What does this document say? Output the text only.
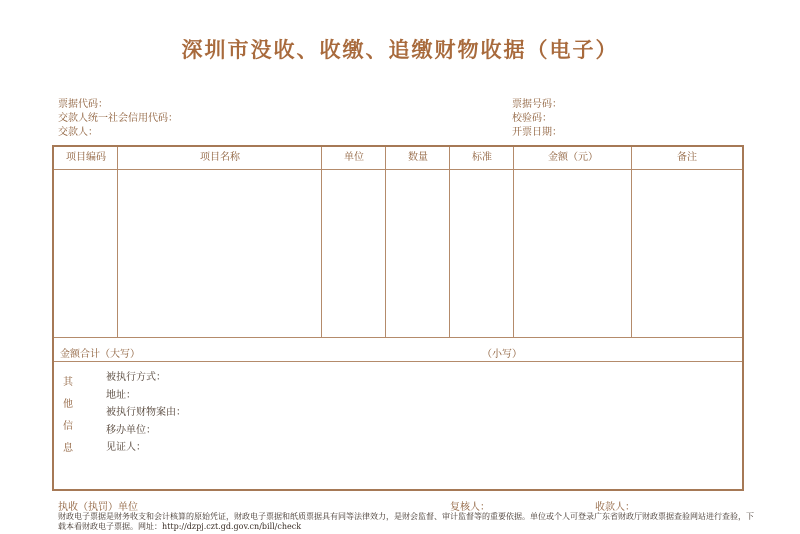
深圳市没收、收缴、追缴财物收据（电子）
票据代码：
交款人统一社会信用代码：
交款人：
票据号码：
校验码：
开票日期：
项目编码	项目名称	单位	数量	标准	金额（元）	备注
金额合计（大写）	（小写）
其
他
信
息
被执行方式：
地址：
被执行财物案由：
移办单位：
见证人：
执收（执罚）单位	复核人：	收款人：
财政电子票据是财务收支和会计核算的原始凭证，财政电子票据和纸质票据具有同等法律效力，是财会监督、审计监督等的重要依据。单位或个人可登录广东省财政厅财政票据查验网站进行查验，下载本看财政电子票据。网址：http://dzpj.czt.gd.gov.cn/bill/check
